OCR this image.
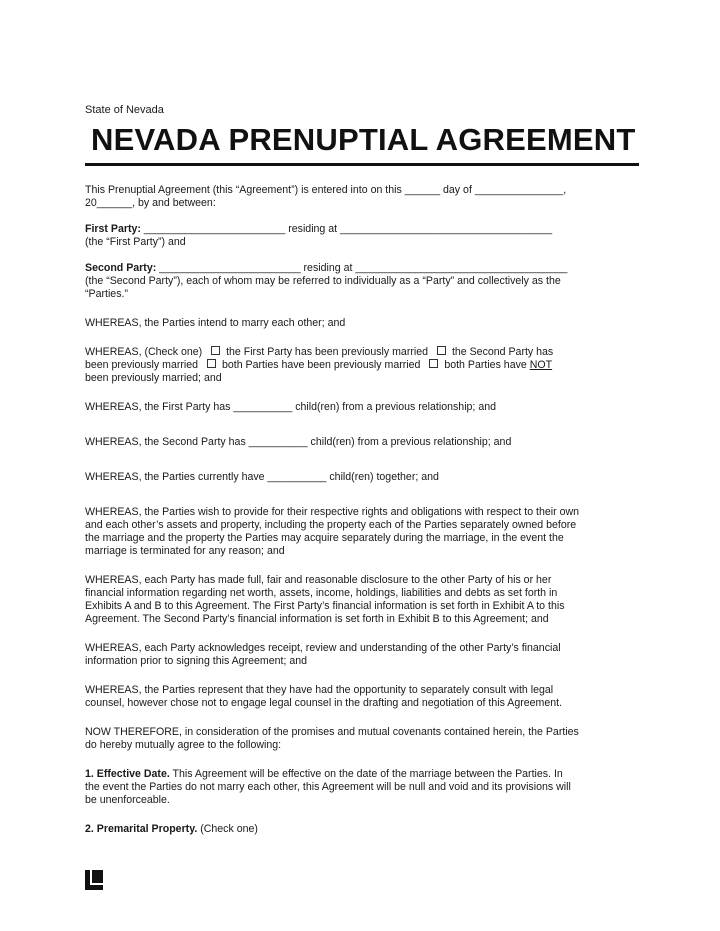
State of Nevada
NEVADA PRENUPTIAL AGREEMENT

This Prenuptial Agreement (this “Agreement”) is entered into on this ______ day of _______________,
20______, by and between:

First Party: ________________________ residing at ____________________________________
(the “First Party”) and

Second Party: ________________________ residing at ____________________________________
(the “Second Party”), each of whom may be referred to individually as a “Party” and collectively as the
“Parties.”

WHEREAS, the Parties intend to marry each other; and

WHEREAS, (Check one) the First Party has been previously married the Second Party has
been previously married both Parties have been previously married both Parties have NOT
been previously married; and

WHEREAS, the First Party has __________ child(ren) from a previous relationship; and

WHEREAS, the Second Party has __________ child(ren) from a previous relationship; and

WHEREAS, the Parties currently have __________ child(ren) together; and

WHEREAS, the Parties wish to provide for their respective rights and obligations with respect to their own
and each other’s assets and property, including the property each of the Parties separately owned before
the marriage and the property the Parties may acquire separately during the marriage, in the event the
marriage is terminated for any reason; and

WHEREAS, each Party has made full, fair and reasonable disclosure to the other Party of his or her
financial information regarding net worth, assets, income, holdings, liabilities and debts as set forth in
Exhibits A and B to this Agreement. The First Party’s financial information is set forth in Exhibit A to this
Agreement. The Second Party’s financial information is set forth in Exhibit B to this Agreement; and

WHEREAS, each Party acknowledges receipt, review and understanding of the other Party’s financial
information prior to signing this Agreement; and

WHEREAS, the Parties represent that they have had the opportunity to separately consult with legal
counsel, however chose not to engage legal counsel in the drafting and negotiation of this Agreement.

NOW THEREFORE, in consideration of the promises and mutual covenants contained herein, the Parties
do hereby mutually agree to the following:

1. Effective Date. This Agreement will be effective on the date of the marriage between the Parties. In
the event the Parties do not marry each other, this Agreement will be null and void and its provisions will
be unenforceable.

2. Premarital Property. (Check one)
